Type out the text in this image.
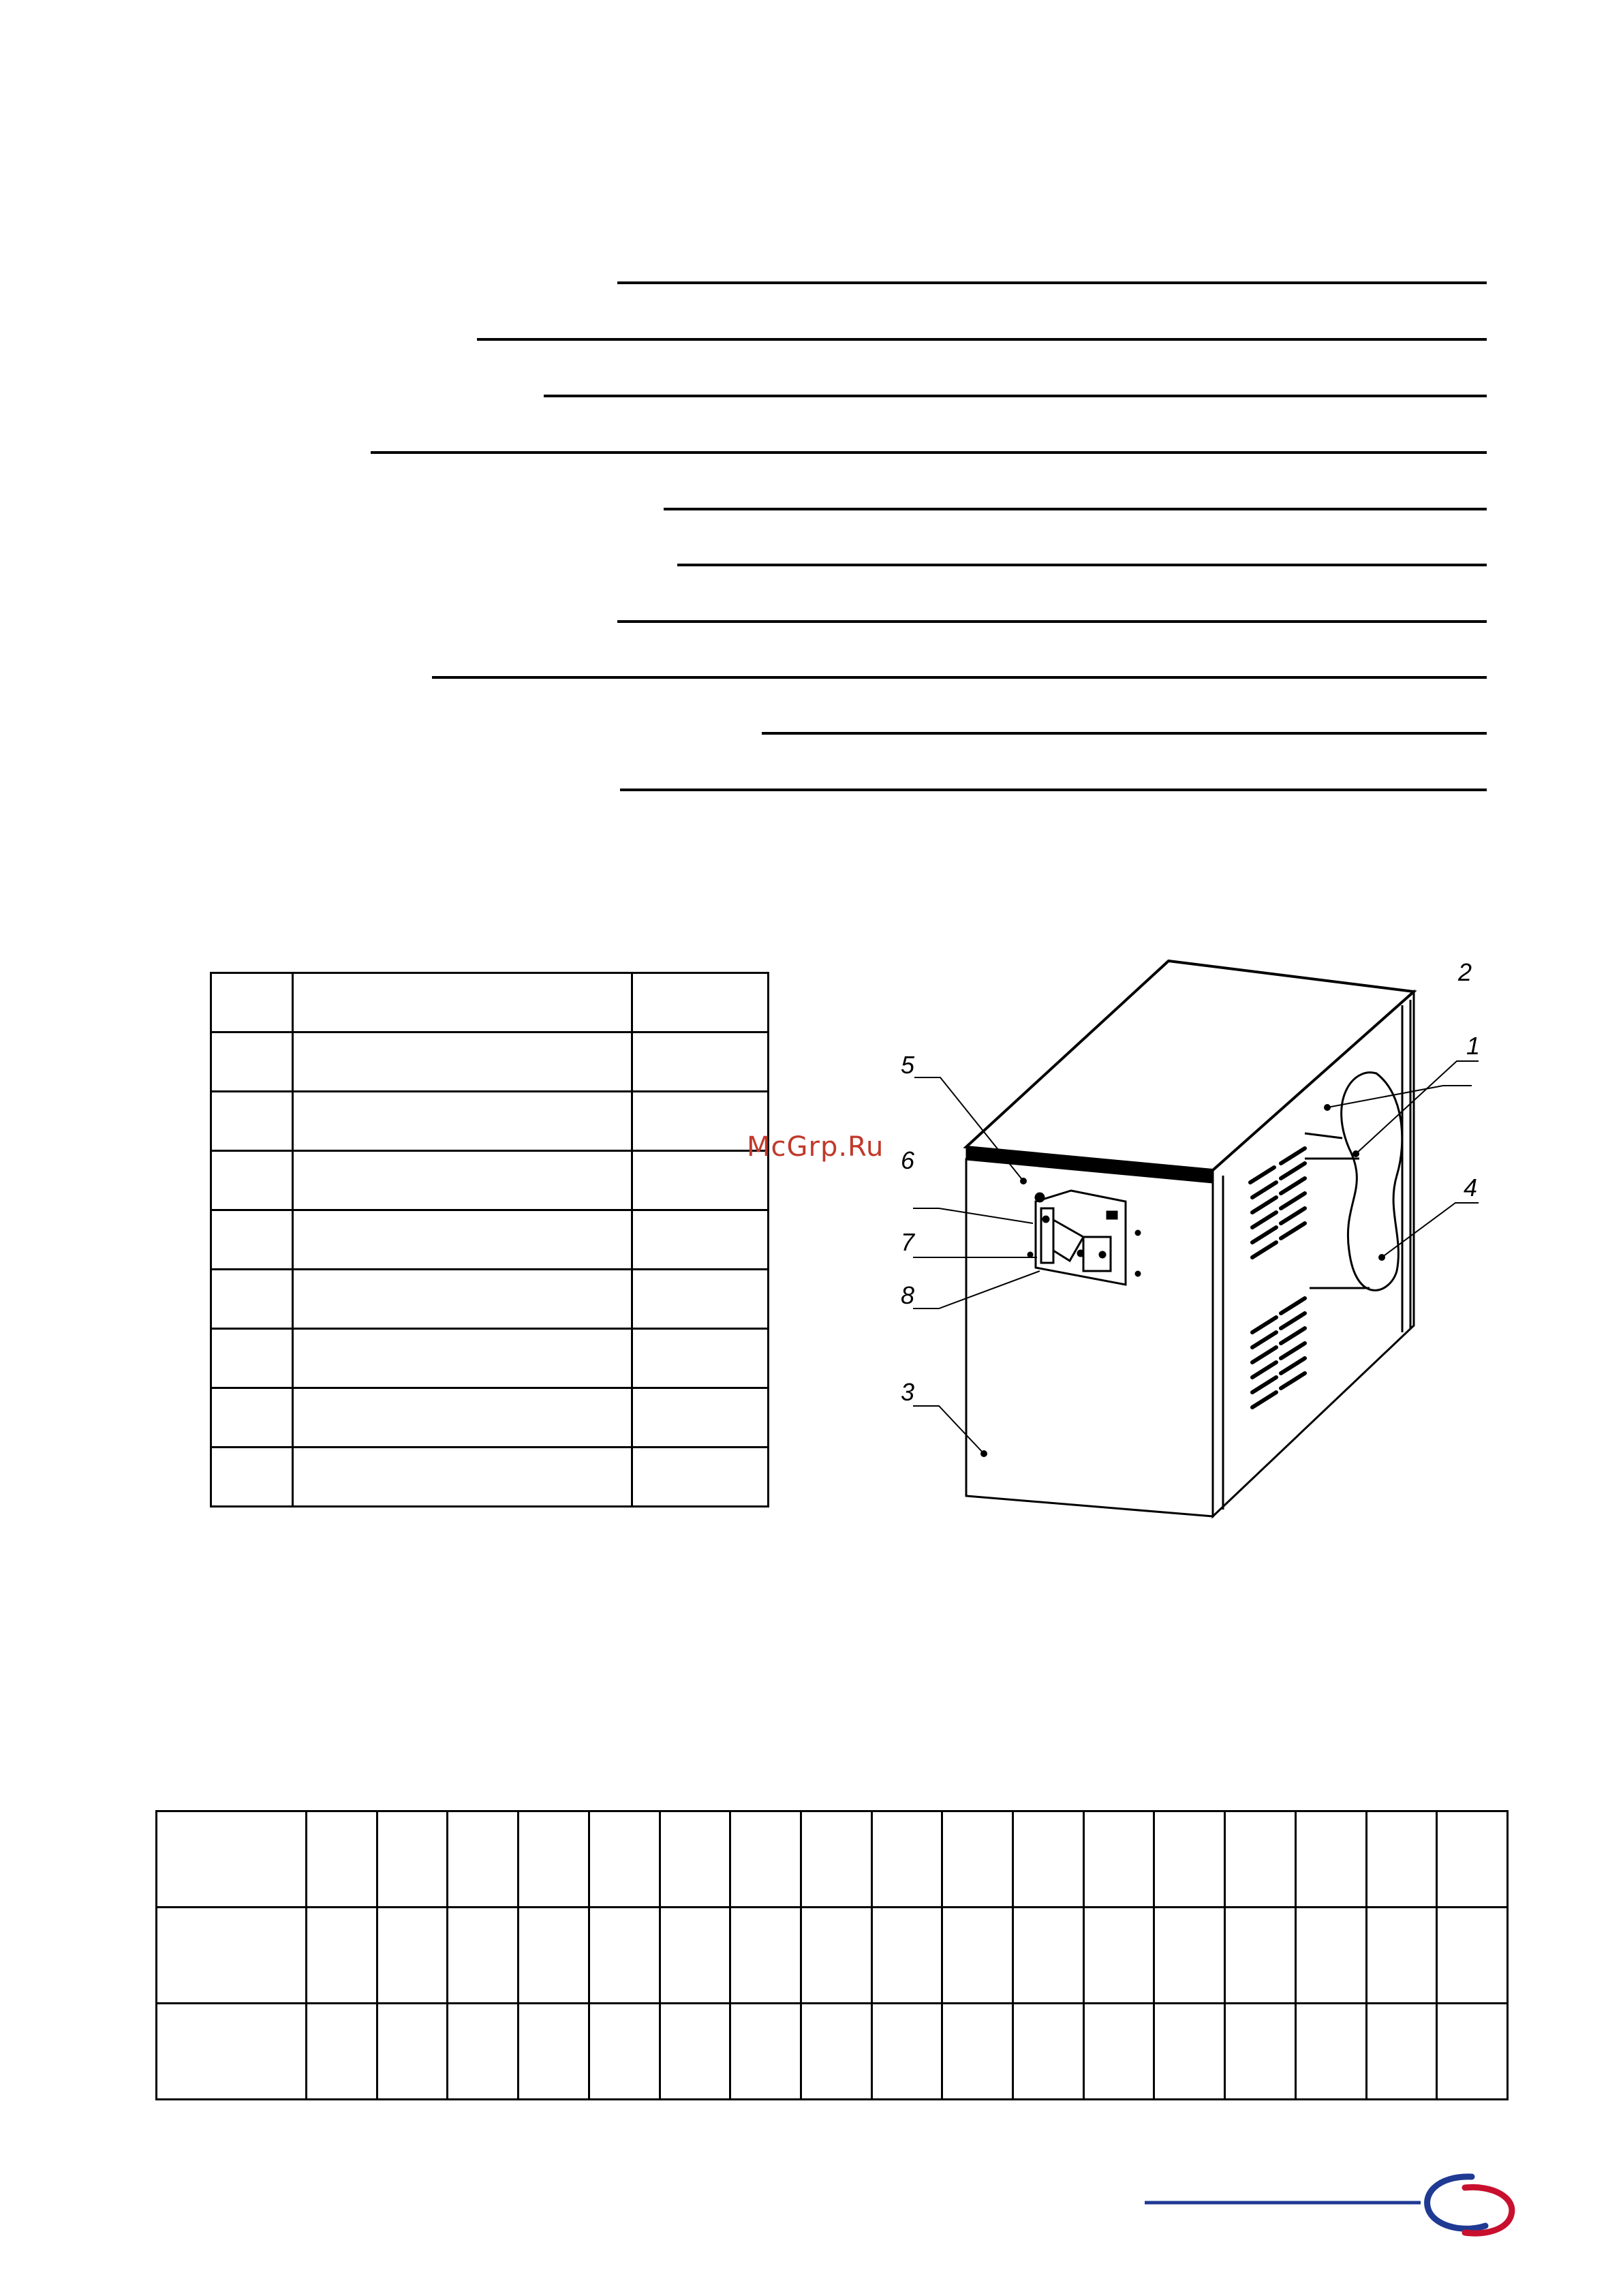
McGrp.Ru
5
2
1
4
6
7
8
3
